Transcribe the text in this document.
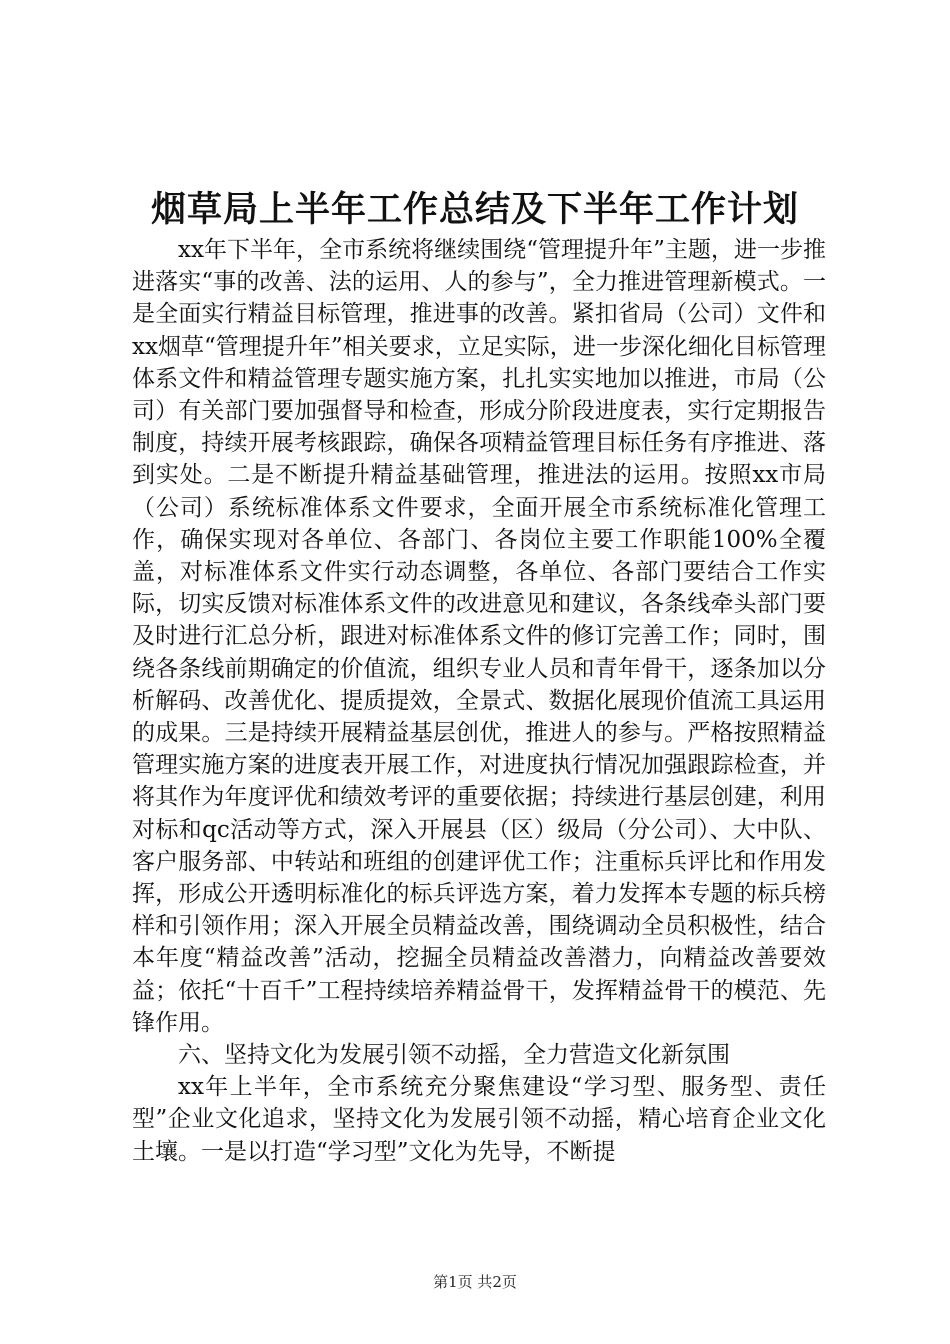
烟草局上半年工作总结及下半年工作计划

xx年下半年，全市系统将继续围绕“管理提升年”主题，进一步推进落实“事的改善、法的运用、人的参与”，全力推进管理新模式。一是全面实行精益目标管理，推进事的改善。紧扣省局（公司）文件和xx烟草“管理提升年”相关要求，立足实际，进一步深化细化目标管理体系文件和精益管理专题实施方案，扎扎实实地加以推进，市局（公司）有关部门要加强督导和检查，形成分阶段进度表，实行定期报告制度，持续开展考核跟踪，确保各项精益管理目标任务有序推进、落到实处。二是不断提升精益基础管理，推进法的运用。按照xx市局（公司）系统标准体系文件要求，全面开展全市系统标准化管理工作，确保实现对各单位、各部门、各岗位主要工作职能100%全覆盖，对标准体系文件实行动态调整，各单位、各部门要结合工作实际，切实反馈对标准体系文件的改进意见和建议，各条线牵头部门要及时进行汇总分析，跟进对标准体系文件的修订完善工作；同时，围绕各条线前期确定的价值流，组织专业人员和青年骨干，逐条加以分析解码、改善优化、提质提效，全景式、数据化展现价值流工具运用的成果。三是持续开展精益基层创优，推进人的参与。严格按照精益管理实施方案的进度表开展工作，对进度执行情况加强跟踪检查，并将其作为年度评优和绩效考评的重要依据；持续进行基层创建，利用对标和qc活动等方式，深入开展县（区）级局（分公司）、大中队、客户服务部、中转站和班组的创建评优工作；注重标兵评比和作用发挥，形成公开透明标准化的标兵评选方案，着力发挥本专题的标兵榜样和引领作用；深入开展全员精益改善，围绕调动全员积极性，结合本年度“精益改善”活动，挖掘全员精益改善潜力，向精益改善要效益；依托“十百千”工程持续培养精益骨干，发挥精益骨干的模范、先锋作用。

六、坚持文化为发展引领不动摇，全力营造文化新氛围

xx年上半年，全市系统充分聚焦建设“学习型、服务型、责任型”企业文化追求，坚持文化为发展引领不动摇，精心培育企业文化土壤。一是以打造“学习型”文化为先导，不断提

第1页 共2页
